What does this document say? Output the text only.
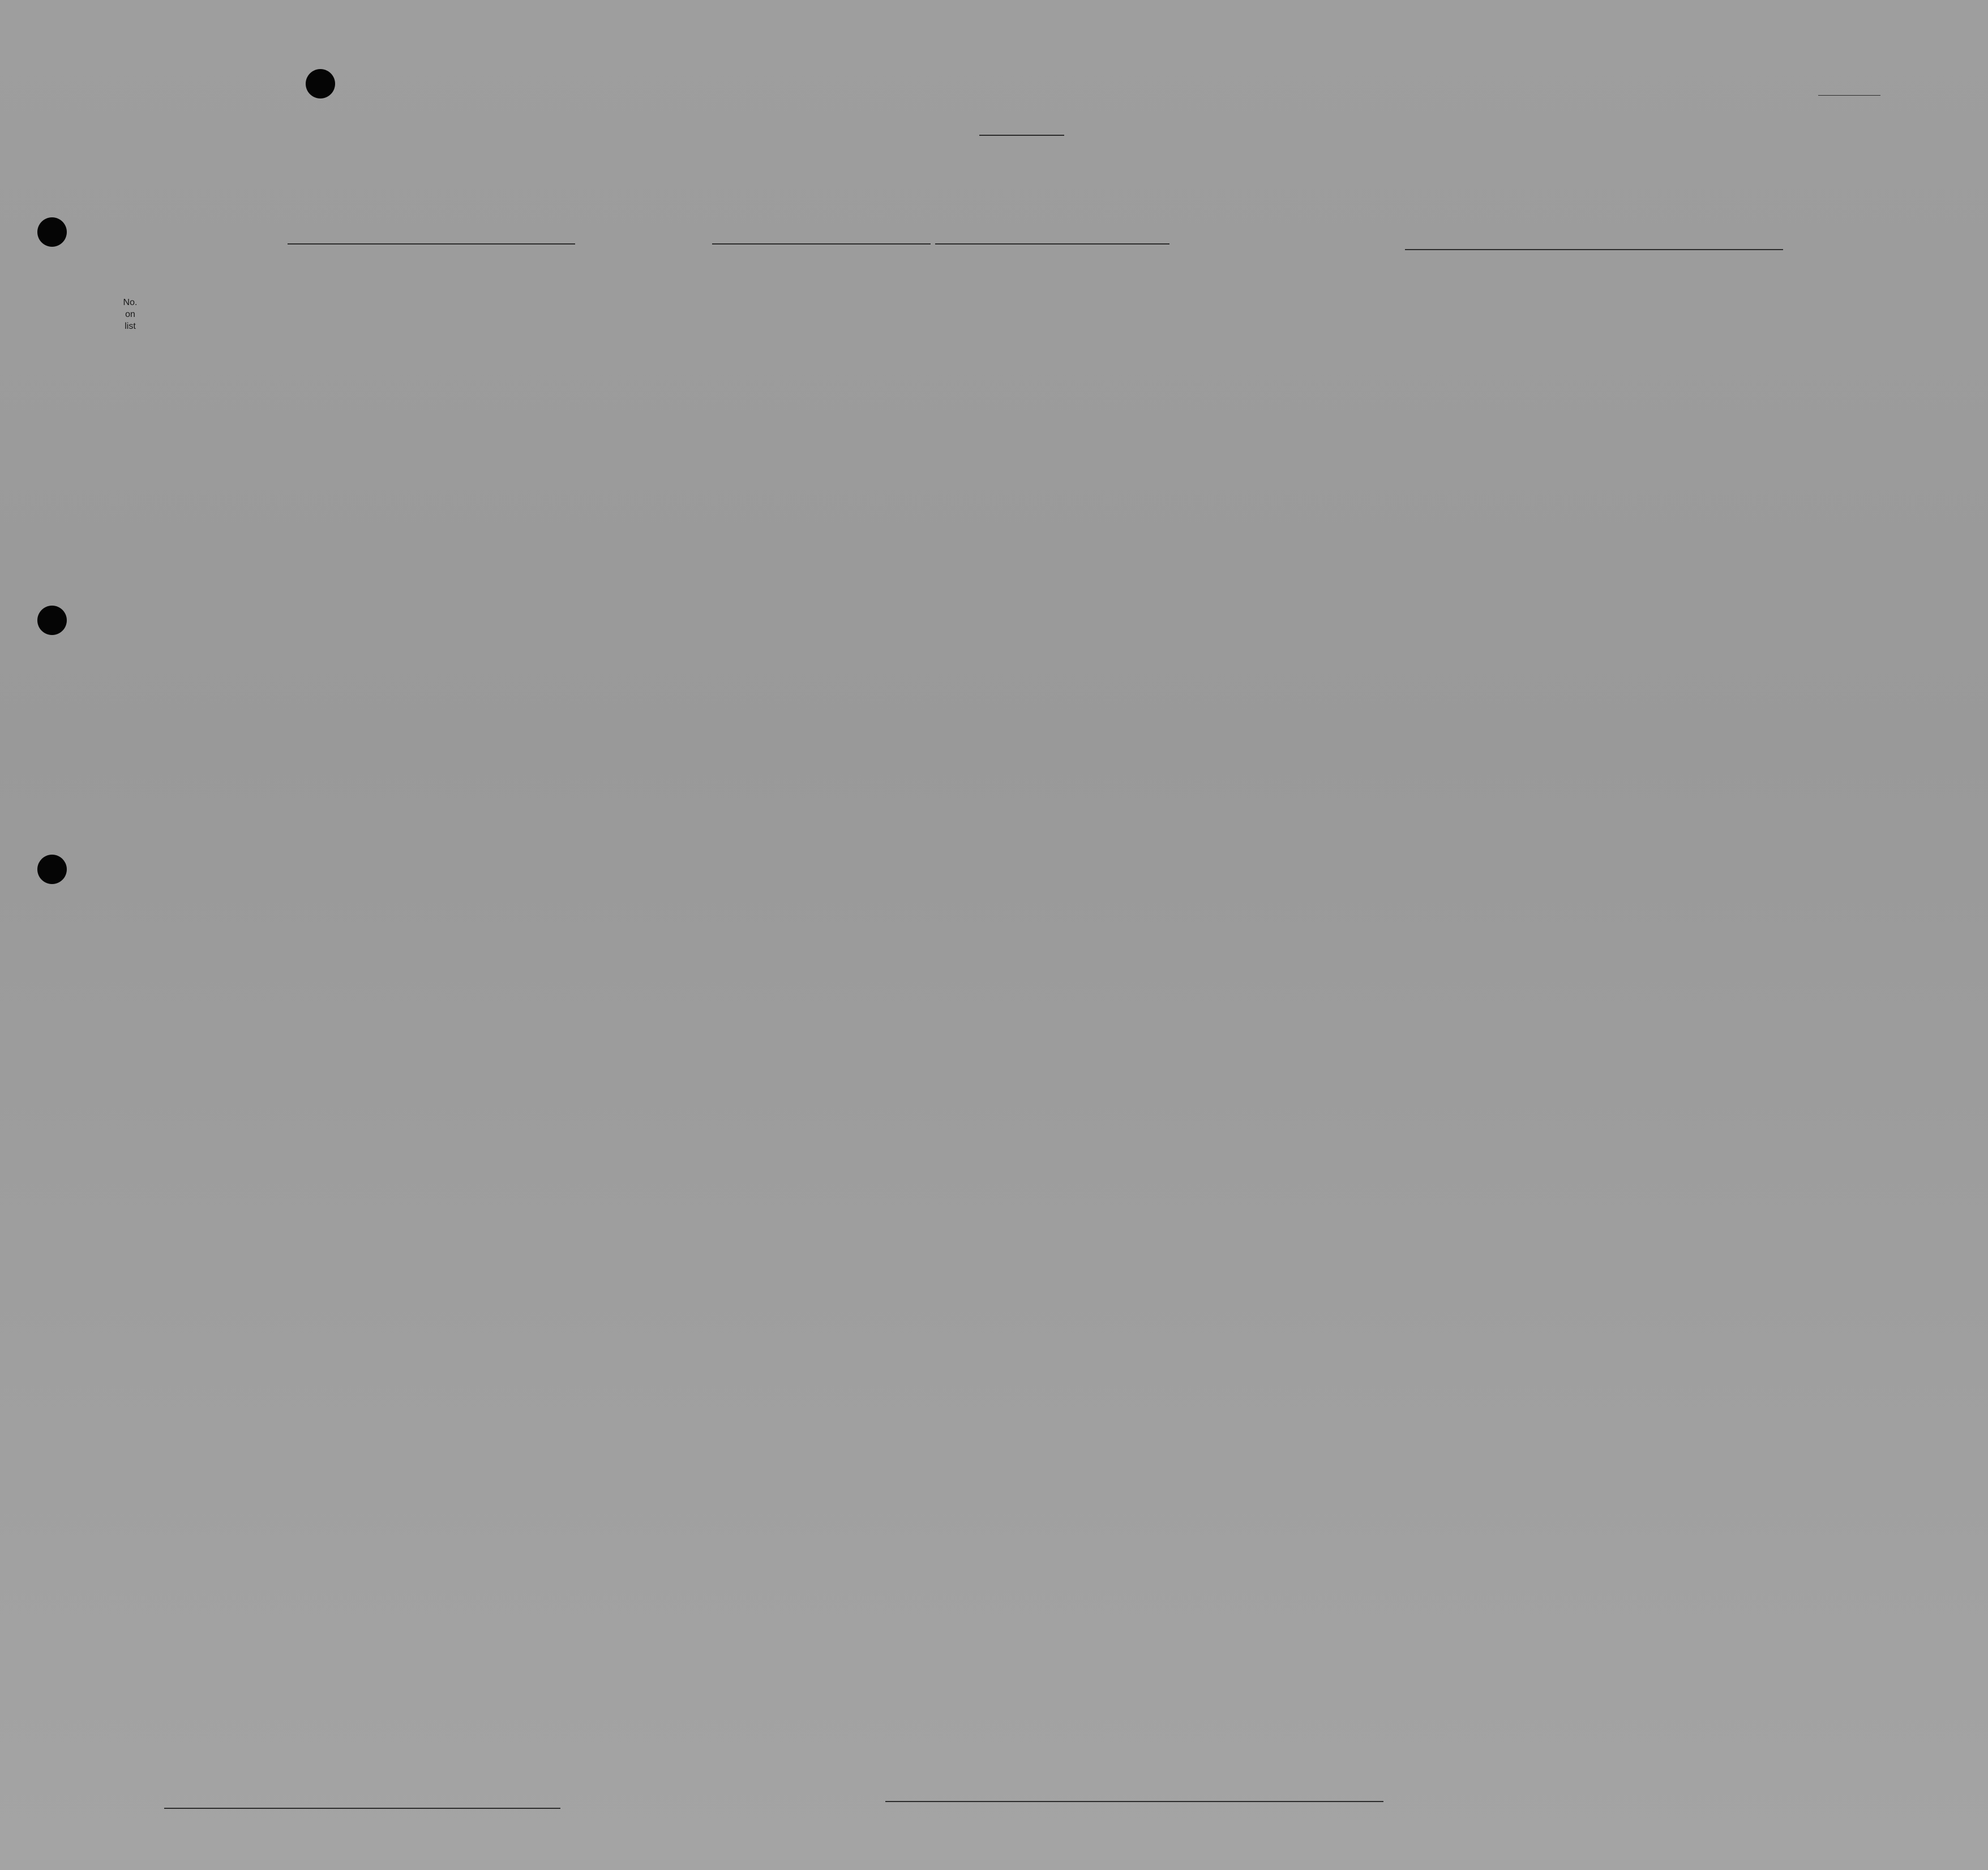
No.
on
list
